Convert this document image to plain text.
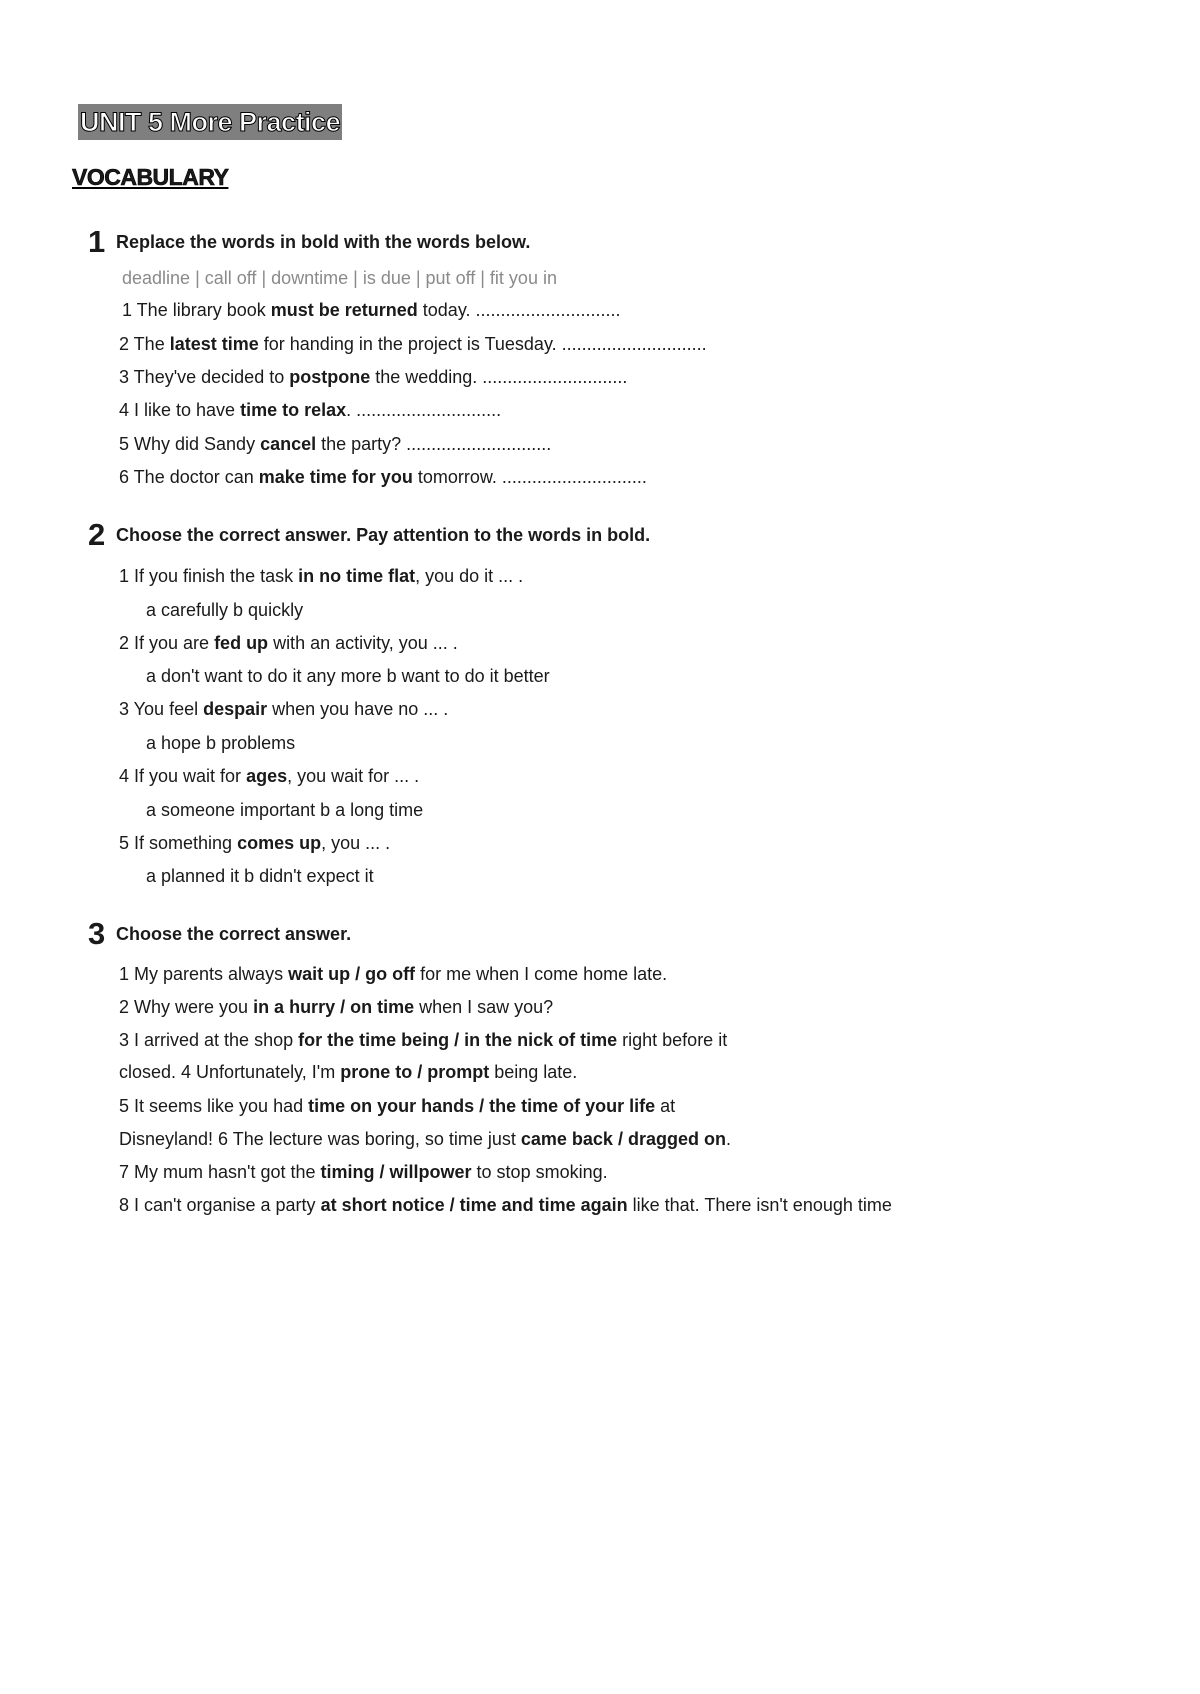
UNIT 5 More Practice
VOCABULARY
1 Replace the words in bold with the words below.
deadline | call off | downtime | is due | put off | fit you in
1 The library book must be returned today. .............................
2 The latest time for handing in the project is Tuesday. .............................
3 They've decided to postpone the wedding. .............................
4 I like to have time to relax. .............................
5 Why did Sandy cancel the party? .............................
6 The doctor can make time for you tomorrow. .............................
2 Choose the correct answer. Pay attention to the words in bold.
1 If you finish the task in no time flat, you do it ... .
a carefully b quickly
2 If you are fed up with an activity, you ... .
a don't want to do it any more b want to do it better
3 You feel despair when you have no ... .
a hope b problems
4 If you wait for ages, you wait for ... .
a someone important b a long time
5 If something comes up, you ... .
a planned it b didn't expect it
3 Choose the correct answer.
1 My parents always wait up / go off for me when I come home late.
2 Why were you in a hurry / on time when I saw you?
3 I arrived at the shop for the time being / in the nick of time right before it
closed. 4 Unfortunately, I'm prone to / prompt being late.
5 It seems like you had time on your hands / the time of your life at
Disneyland! 6 The lecture was boring, so time just came back / dragged on.
7 My mum hasn't got the timing / willpower to stop smoking.
8 I can't organise a party at short notice / time and time again like that. There isn't enough time
